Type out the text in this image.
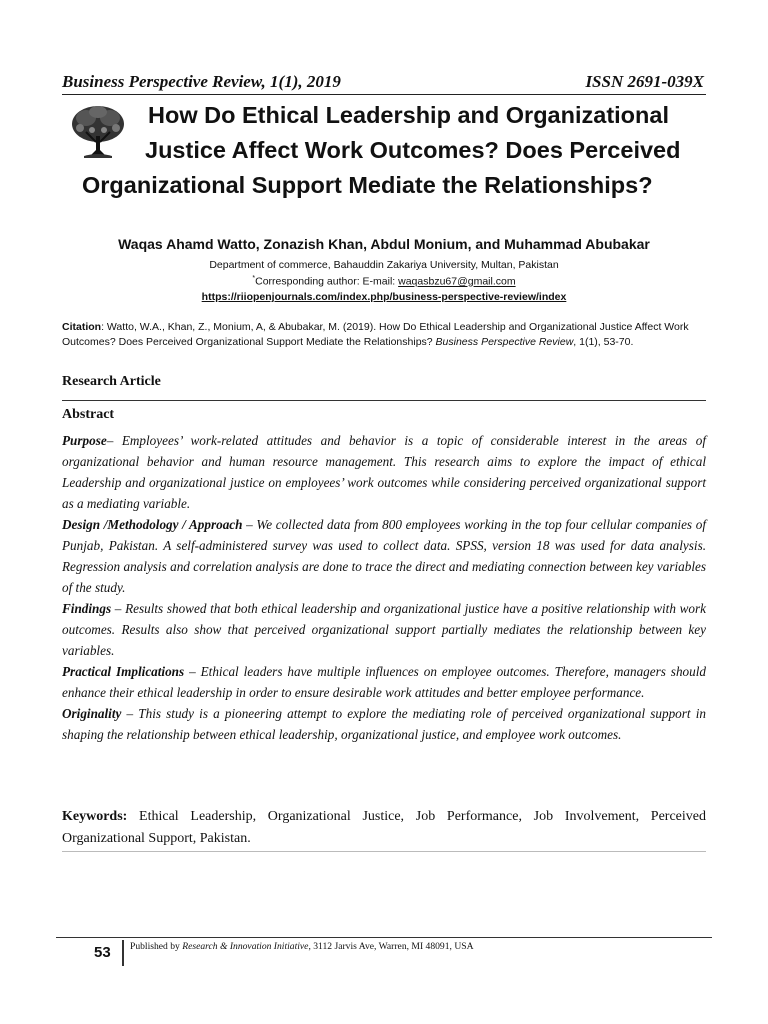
Business Perspective Review, 1(1), 2019	ISSN 2691-039X
How Do Ethical Leadership and Organizational
Justice Affect Work Outcomes? Does Perceived
Organizational Support Mediate the Relationships?
Waqas Ahamd Watto, Zonazish Khan, Abdul Monium, and Muhammad Abubakar
Department of commerce, Bahauddin Zakariya University, Multan, Pakistan
*Corresponding author: E-mail: waqasbzu67@gmail.com
https://riiopenjournals.com/index.php/business-perspective-review/index
Citation: Watto, W.A., Khan, Z., Monium, A, & Abubakar, M. (2019). How Do Ethical Leadership and Organizational Justice Affect Work Outcomes? Does Perceived Organizational Support Mediate the Relationships? Business Perspective Review, 1(1), 53-70.
Research Article
Abstract

Purpose– Employees’ work-related attitudes and behavior is a topic of considerable interest in the areas of organizational behavior and human resource management. This research aims to explore the impact of ethical Leadership and organizational justice on employees’ work outcomes while considering perceived organizational support as a mediating variable.

Design /Methodology / Approach – We collected data from 800 employees working in the top four cellular companies of Punjab, Pakistan. A self-administered survey was used to collect data. SPSS, version 18 was used for data analysis. Regression analysis and correlation analysis are done to trace the direct and mediating connection between key variables of the study.

Findings – Results showed that both ethical leadership and organizational justice have a positive relationship with work outcomes. Results also show that perceived organizational support partially mediates the relationship between key variables.

Practical Implications – Ethical leaders have multiple influences on employee outcomes. Therefore, managers should enhance their ethical leadership in order to ensure desirable work attitudes and better employee performance.

Originality – This study is a pioneering attempt to explore the mediating role of perceived organizational support in shaping the relationship between ethical leadership, organizational justice, and employee work outcomes.

Keywords: Ethical Leadership, Organizational Justice, Job Performance, Job Involvement, Perceived Organizational Support, Pakistan.
53 Published by Research & Innovation Initiative, 3112 Jarvis Ave, Warren, MI 48091, USA
